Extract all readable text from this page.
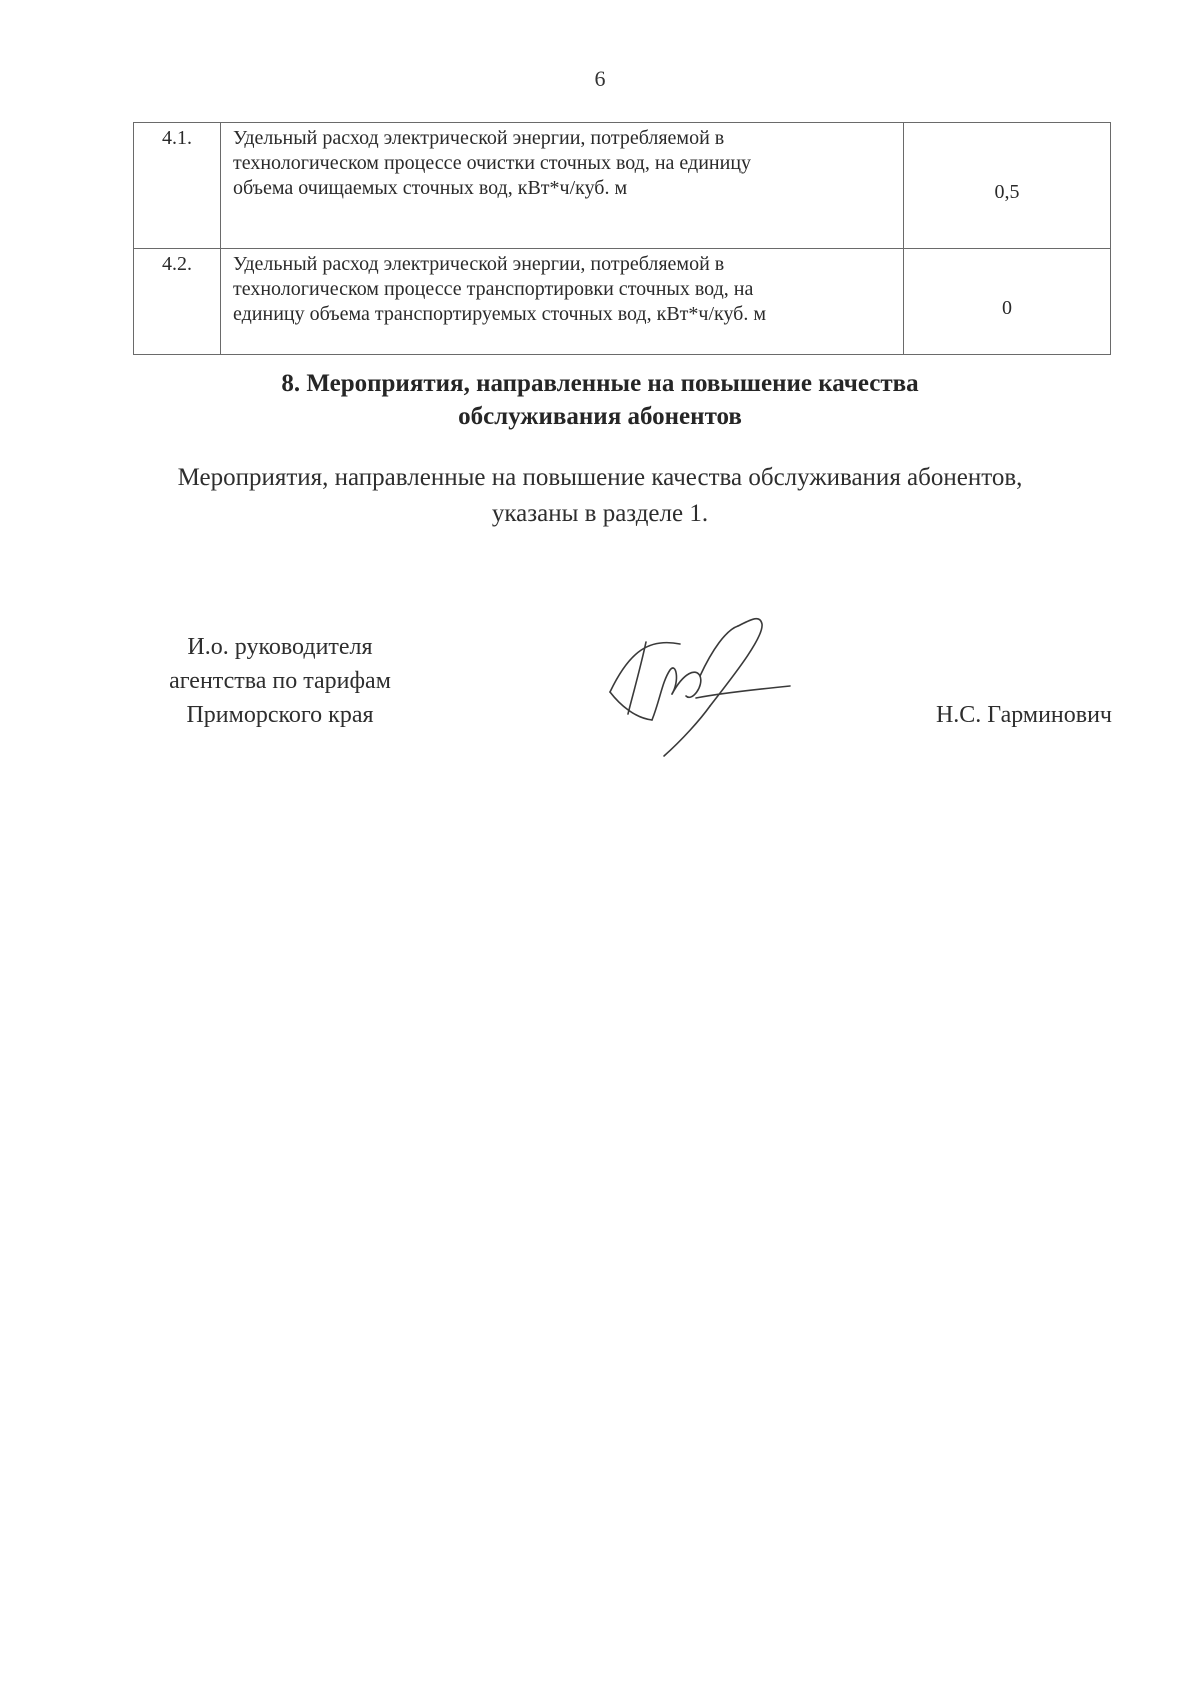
6
4.1.	Удельный расход электрической энергии, потребляемой в
технологическом процессе очистки сточных вод, на единицу
объема очищаемых сточных вод, кВт*ч/куб. м	0,5
4.2.	Удельный расход электрической энергии, потребляемой в
технологическом процессе транспортировки сточных вод, на
единицу объема транспортируемых сточных вод, кВт*ч/куб. м	0
8. Мероприятия, направленные на повышение качества
обслуживания абонентов
Мероприятия, направленные на повышение качества обслуживания абонентов,
указаны в разделе 1.
И.о. руководителя
агентства по тарифам
Приморского края	Н.С. Гарминович
